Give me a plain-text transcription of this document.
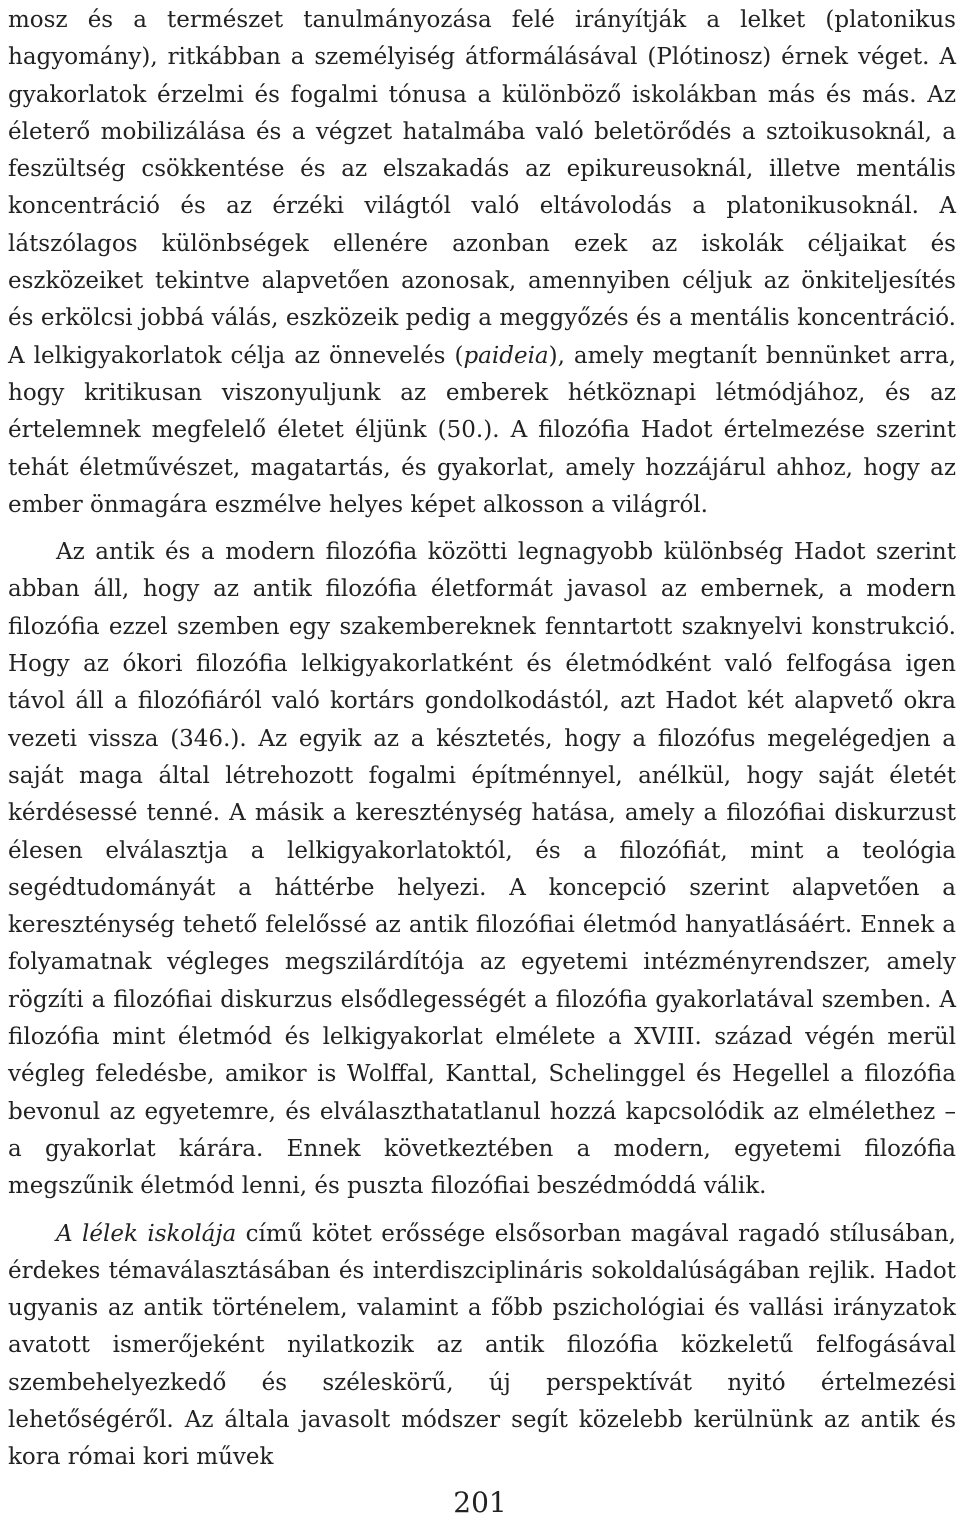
mosz és a természet tanulmányozása felé irányítják a lelket (platonikus hagyomány), ritkábban a személyiség átformálásával (Plótinosz) érnek véget. A gyakorlatok érzelmi és fogalmi tónusa a különböző iskolákban más és más. Az életerő mobilizálása és a végzet hatalmába való beletörődés a sztoikusoknál, a feszültség csökkentése és az elszakadás az epikureusoknál, illetve mentális koncentráció és az érzéki világtól való eltávolodás a platonikusoknál. A látszólagos különbségek ellenére azonban ezek az iskolák céljaikat és eszközeiket tekintve alapvetően azonosak, amennyiben céljuk az önkiteljesítés és erkölcsi jobbá válás, eszközeik pedig a meggyőzés és a mentális koncentráció. A lelkigyakorlatok célja az önnevelés (paideia), amely megtanít bennünket arra, hogy kritikusan viszonyuljunk az emberek hétköznapi létmódjához, és az értelemnek megfelelő életet éljünk (50.). A filozófia Hadot értelmezése szerint tehát életművészet, magatartás, és gyakorlat, amely hozzájárul ahhoz, hogy az ember önmagára eszmélve helyes képet alkosson a világról.

Az antik és a modern filozófia közötti legnagyobb különbség Hadot szerint abban áll, hogy az antik filozófia életformát javasol az embernek, a modern filozófia ezzel szemben egy szakembereknek fenntartott szaknyelvi konstrukció. Hogy az ókori filozófia lelkigyakorlatként és életmódként való felfogása igen távol áll a filozófiáról való kortárs gondolkodástól, azt Hadot két alapvető okra vezeti vissza (346.). Az egyik az a késztetés, hogy a filozófus megelégedjen a saját maga által létrehozott fogalmi építménnyel, anélkül, hogy saját életét kérdésessé tenné. A másik a kereszténység hatása, amely a filozófiai diskurzust élesen elválasztja a lelkigyakorlatoktól, és a filozófiát, mint a teológia segédtudományát a háttérbe helyezi. A koncepció szerint alapvetően a kereszténység tehető felelőssé az antik filozófiai életmód hanyatlásáért. Ennek a folyamatnak végleges megszilárdítója az egyetemi intézményrendszer, amely rögzíti a filozófiai diskurzus elsődlegességét a filozófia gyakorlatával szemben. A filozófia mint életmód és lelkigyakorlat elmélete a XVIII. század végén merül végleg feledésbe, amikor is Wolffal, Kanttal, Schelinggel és Hegellel a filozófia bevonul az egyetemre, és elválaszthatatlanul hozzá kapcsolódik az elmélethez – a gyakorlat kárára. Ennek következtében a modern, egyetemi filozófia megszűnik életmód lenni, és puszta filozófiai beszédmóddá válik.

A lélek iskolája című kötet erőssége elsősorban magával ragadó stílusában, érdekes témaválasztásában és interdiszciplináris sokoldalúságában rejlik. Hadot ugyanis az antik történelem, valamint a főbb pszichológiai és vallási irányzatok avatott ismerőjeként nyilatkozik az antik filozófia közkeletű felfogásával szembehelyezkedő és széleskörű, új perspektívát nyitó értelmezési lehetőségéről. Az általa javasolt módszer segít közelebb kerülnünk az antik és kora római kori művek

201
